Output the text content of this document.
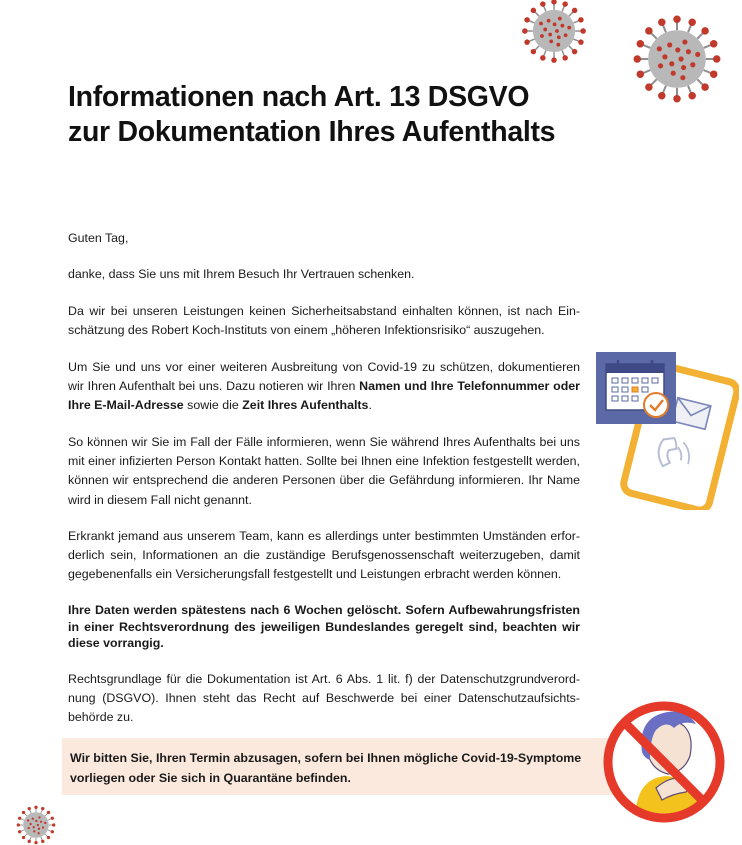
Informationen nach Art. 13 DSGVO
zur Dokumentation Ihres Aufenthalts

Guten Tag,

danke, dass Sie uns mit Ihrem Besuch Ihr Vertrauen schenken.

Da wir bei unseren Leistungen keinen Sicherheitsabstand einhalten können, ist nach Ein-schätzung des Robert Koch-Instituts von einem „höheren Infektionsrisiko“ auszugehen.

Um Sie und uns vor einer weiteren Ausbreitung von Covid-19 zu schützen, dokumentieren wir Ihren Aufenthalt bei uns. Dazu notieren wir Ihren Namen und Ihre Telefonnummer oder Ihre E-Mail-Adresse sowie die Zeit Ihres Aufenthalts.

So können wir Sie im Fall der Fälle informieren, wenn Sie während Ihres Aufenthalts bei uns mit einer infizierten Person Kontakt hatten. Sollte bei Ihnen eine Infektion festgestellt werden, können wir entsprechend die anderen Personen über die Gefährdung informieren. Ihr Name wird in diesem Fall nicht genannt.

Erkrankt jemand aus unserem Team, kann es allerdings unter bestimmten Umständen erfor-derlich sein, Informationen an die zuständige Berufsgenossenschaft weiterzugeben, damit gegebenenfalls ein Versicherungsfall festgestellt und Leistungen erbracht werden können.

Ihre Daten werden spätestens nach 6 Wochen gelöscht. Sofern Aufbewahrungsfristen in einer Rechtsverordnung des jeweiligen Bundeslandes geregelt sind, beachten wir diese vorrangig.

Rechtsgrundlage für die Dokumentation ist Art. 6 Abs. 1 lit. f) der Datenschutzgrundverord-nung (DSGVO). Ihnen steht das Recht auf Beschwerde bei einer Datenschutzaufsichts-behörde zu.

Wir bitten Sie, Ihren Termin abzusagen, sofern bei Ihnen mögliche Covid-19-Symptome vorliegen oder Sie sich in Quarantäne befinden.
